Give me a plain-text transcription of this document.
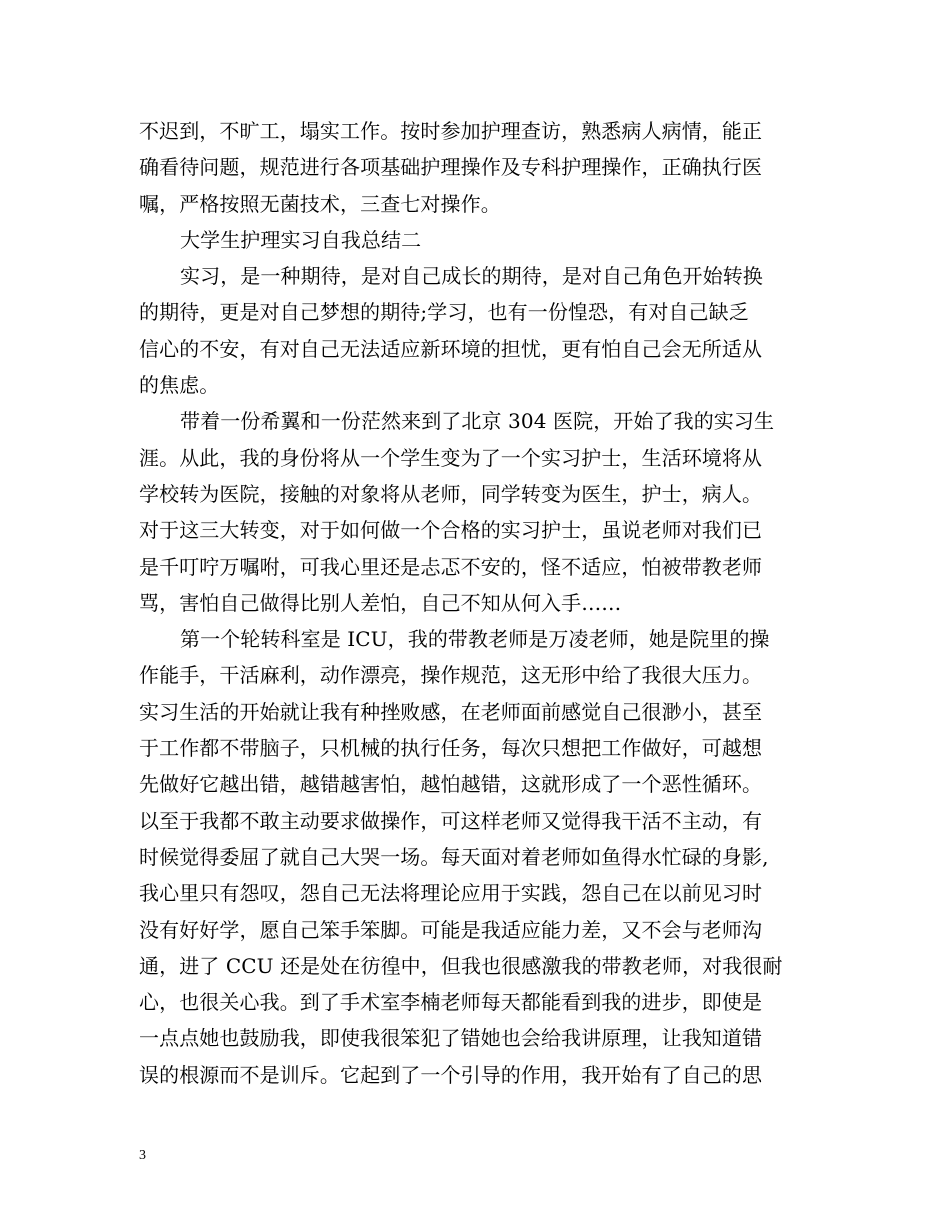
不迟到，不旷工，塌实工作。按时参加护理查访，熟悉病人病情，能正
确看待问题，规范进行各项基础护理操作及专科护理操作，正确执行医
嘱，严格按照无菌技术，三查七对操作。
大学生护理实习自我总结二
实习，是一种期待，是对自己成长的期待，是对自己角色开始转换
的期待，更是对自己梦想的期待;学习，也有一份惶恐，有对自己缺乏
信心的不安，有对自己无法适应新环境的担忧，更有怕自己会无所适从
的焦虑。
带着一份希翼和一份茫然来到了北京 304 医院，开始了我的实习生
涯。从此，我的身份将从一个学生变为了一个实习护士，生活环境将从
学校转为医院，接触的对象将从老师，同学转变为医生，护士，病人。
对于这三大转变，对于如何做一个合格的实习护士，虽说老师对我们已
是千叮咛万嘱咐，可我心里还是忐忑不安的，怪不适应，怕被带教老师
骂，害怕自己做得比别人差怕，自己不知从何入手……
第一个轮转科室是 ICU，我的带教老师是万凌老师，她是院里的操
作能手，干活麻利，动作漂亮，操作规范，这无形中给了我很大压力。
实习生活的开始就让我有种挫败感，在老师面前感觉自己很渺小，甚至
于工作都不带脑子，只机械的执行任务，每次只想把工作做好，可越想
先做好它越出错，越错越害怕，越怕越错，这就形成了一个恶性循环。
以至于我都不敢主动要求做操作，可这样老师又觉得我干活不主动，有
时候觉得委屈了就自己大哭一场。每天面对着老师如鱼得水忙碌的身影,
我心里只有怨叹，怨自己无法将理论应用于实践，怨自己在以前见习时
没有好好学，愿自己笨手笨脚。可能是我适应能力差，又不会与老师沟
通，进了 CCU 还是处在彷徨中，但我也很感激我的带教老师，对我很耐
心，也很关心我。到了手术室李楠老师每天都能看到我的进步，即使是
一点点她也鼓励我，即使我很笨犯了错她也会给我讲原理，让我知道错
误的根源而不是训斥。它起到了一个引导的作用，我开始有了自己的思
3
